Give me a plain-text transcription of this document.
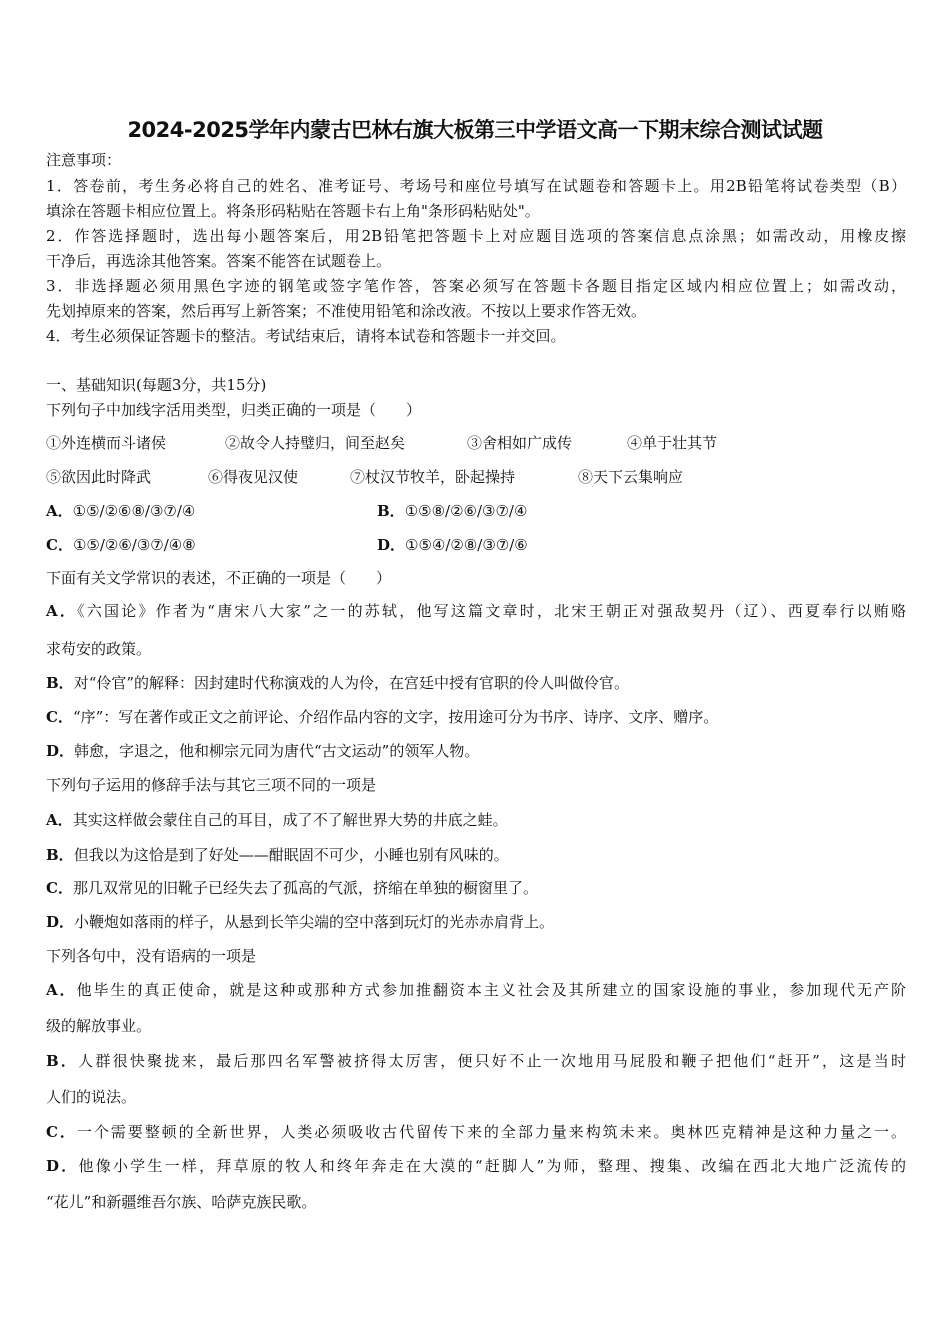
2024-2025学年内蒙古巴林右旗大板第三中学语文高一下期末综合测试试题
注意事项：
1．答卷前，考生务必将自己的姓名、准考证号、考场号和座位号填写在试题卷和答题卡上。用2B铅笔将试卷类型（B）
填涂在答题卡相应位置上。将条形码粘贴在答题卡右上角"条形码粘贴处"。
2．作答选择题时，选出每小题答案后，用2B铅笔把答题卡上对应题目选项的答案信息点涂黑；如需改动，用橡皮擦
干净后，再选涂其他答案。答案不能答在试题卷上。
3．非选择题必须用黑色字迹的钢笔或签字笔作答，答案必须写在答题卡各题目指定区域内相应位置上；如需改动，
先划掉原来的答案，然后再写上新答案；不准使用铅笔和涂改液。不按以上要求作答无效。
4．考生必须保证答题卡的整洁。考试结束后，请将本试卷和答题卡一并交回。
一、基础知识(每题3分，共15分)
下列句子中加线字活用类型，归类正确的一项是（　　）
①外连横而斗诸侯	②故令人持璧归，间至赵矣	③舍相如广成传	④单于壮其节
⑤欲因此时降武	⑥得夜见汉使	⑦杖汉节牧羊，卧起操持	⑧天下云集响应
A．①⑤/②⑥⑧/③⑦/④	B．①⑤⑧/②⑥/③⑦/④
C．①⑤/②⑥/③⑦/④⑧	D．①⑤④/②⑧/③⑦/⑥
下面有关文学常识的表述，不正确的一项是（　　）
A．《六国论》作者为“唐宋八大家”之一的苏轼，他写这篇文章时，北宋王朝正对强敌契丹（辽）、西夏奉行以贿赂
求苟安的政策。
B．对“伶官”的解释：因封建时代称演戏的人为伶，在宫廷中授有官职的伶人叫做伶官。
C．“序”：写在著作或正文之前评论、介绍作品内容的文字，按用途可分为书序、诗序、文序、赠序。
D．韩愈，字退之，他和柳宗元同为唐代“古文运动”的领军人物。
下列句子运用的修辞手法与其它三项不同的一项是
A．其实这样做会蒙住自己的耳目，成了不了解世界大势的井底之蛙。
B．但我以为这恰是到了好处——酣眠固不可少，小睡也别有风味的。
C．那几双常见的旧靴子已经失去了孤高的气派，挤缩在单独的橱窗里了。
D．小鞭炮如落雨的样子，从悬到长竿尖端的空中落到玩灯的光赤赤肩背上。
下列各句中，没有语病的一项是
A．他毕生的真正使命，就是这种或那种方式参加推翻资本主义社会及其所建立的国家设施的事业，参加现代无产阶
级的解放事业。
B．人群很快聚拢来，最后那四名军警被挤得太厉害，便只好不止一次地用马屁股和鞭子把他们“赶开”，这是当时
人们的说法。
C．一个需要整顿的全新世界，人类必须吸收古代留传下来的全部力量来构筑未来。奥林匹克精神是这种力量之一。
D．他像小学生一样，拜草原的牧人和终年奔走在大漠的“赶脚人”为师，整理、搜集、改编在西北大地广泛流传的
“花儿”和新疆维吾尔族、哈萨克族民歌。
